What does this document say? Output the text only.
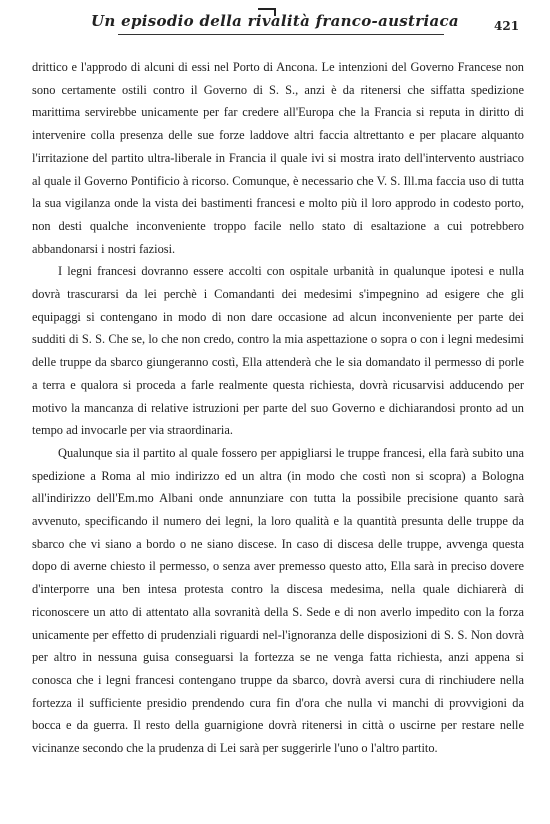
Un episodio della rivalità franco-austriaca	421

drittico e l'approdo di alcuni di essi nel Porto di Ancona. Le intenzioni del Governo Francese non sono certamente ostili contro il Governo di S. S., anzi è da ritenersi che siffatta spedizione marittima servirebbe unicamente per far credere all'Europa che la Francia si reputa in diritto di intervenire colla presenza delle sue forze laddove altri faccia altrettanto e per placare alquanto l'irritazione del partito ultra-liberale in Francia il quale ivi si mostra irato dell'intervento austriaco al quale il Governo Pontificio à ricorso. Comunque, è necessario che V. S. Ill.ma faccia uso di tutta la sua vigilanza onde la vista dei bastimenti francesi e molto più il loro approdo in codesto porto, non desti qualche inconveniente troppo facile nello stato di esaltazione a cui potrebbero abbandonarsi i nostri faziosi.

I legni francesi dovranno essere accolti con ospitale urbanità in qualunque ipotesi e nulla dovrà trascurarsi da lei perchè i Comandanti dei medesimi s'impegnino ad esigere che gli equipaggi si contengano in modo di non dare occasione ad alcun inconveniente per parte dei sudditi di S. S. Che se, lo che non credo, contro la mia aspettazione o sopra o con i legni medesimi delle truppe da sbarco giungeranno costì, Ella attenderà che le sia domandato il permesso di porle a terra e qualora si proceda a farle realmente questa richiesta, dovrà ricusarvisi adducendo per motivo la mancanza di relative istruzioni per parte del suo Governo e dichiarandosi pronto ad un tempo ad invocarle per via straordinaria.

Qualunque sia il partito al quale fossero per appigliarsi le truppe francesi, ella farà subito una spedizione a Roma al mio indirizzo ed un altra (in modo che costì non si scopra) a Bologna all'indirizzo dell'Em.mo Albani onde annunziare con tutta la possibile precisione quanto sarà avvenuto, specificando il numero dei legni, la loro qualità e la quantità presunta delle truppe da sbarco che vi siano a bordo o ne siano discese. In caso di discesa delle truppe, avvenga questa dopo di averne chiesto il permesso, o senza aver premesso questo atto, Ella sarà in preciso dovere d'interporre una ben intesa protesta contro la discesa medesima, nella quale dichiarerà di riconoscere un atto di attentato alla sovranità della S. Sede e di non averlo impedito con la forza unicamente per effetto di prudenziali riguardi nel-l'ignoranza delle disposizioni di S. S. Non dovrà per altro in nessuna guisa conseguarsi la fortezza se ne venga fatta richiesta, anzi appena si conosca che i legni francesi contengano truppe da sbarco, dovrà aversi cura di rinchiudere nella fortezza il sufficiente presidio prendendo cura fin d'ora che nulla vi manchi di provvigioni da bocca e da guerra. Il resto della guarnigione dovrà ritenersi in città o uscirne per restare nelle vicinanze secondo che la prudenza di Lei sarà per suggerirle l'uno o l'altro partito.
